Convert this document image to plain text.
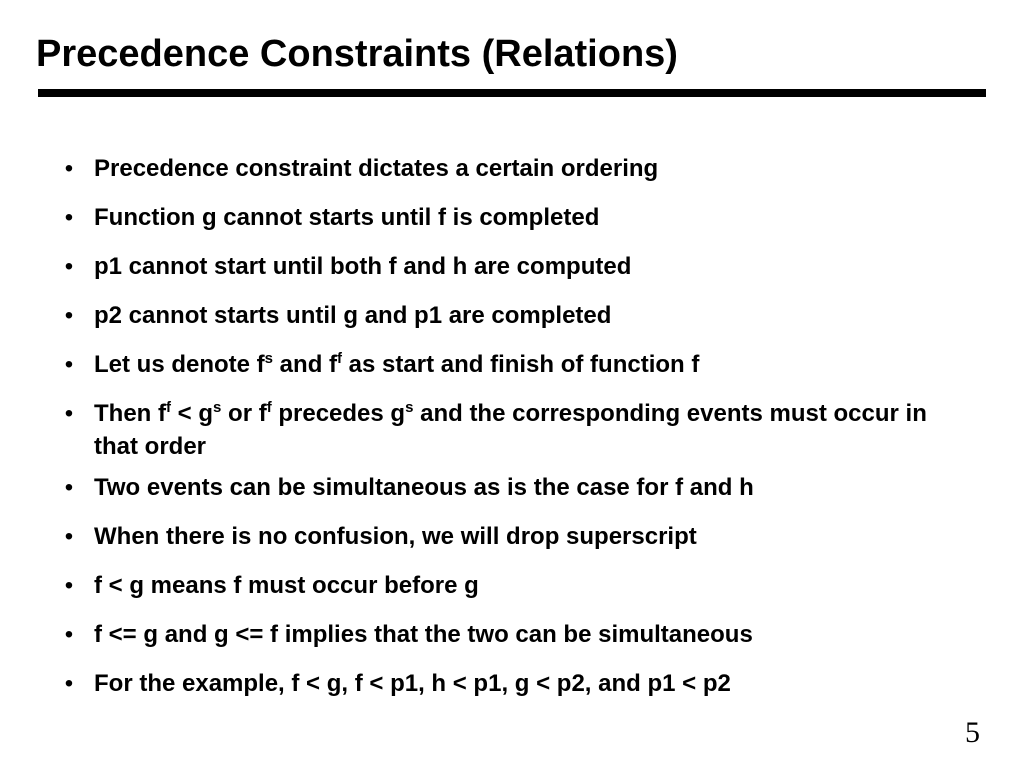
Precedence Constraints (Relations)
• Precedence constraint dictates a certain ordering
• Function g cannot starts until f is completed
• p1 cannot start until both f and h are computed
• p2 cannot starts until g and p1 are completed
• Let us denote $f^s$ and $f^f$ as start and finish of function f
• Then $f^f < g^s$ or $f^f$ precedes $g^s$ and the corresponding events must occur in that order
• Two events can be simultaneous as is the case for f and h
• When there is no confusion, we will drop superscript
• f < g means f must occur before g
• f <= g and g <= f implies that the two can be simultaneous
• For the example, f < g, f < p1, h < p1, g < p2, and p1 < p2
5
